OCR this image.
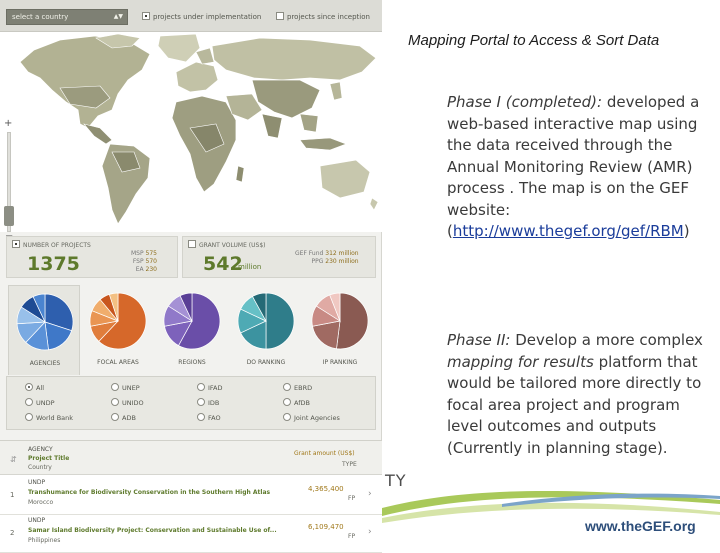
select a country	▲▼	projects under implementation	projects since inception
+
NUMBER OF PROJECTS
1375	MSP 575
FSP 570
EA 230
GRANT VOLUME (US$)
542
million
GEF Fund 312 million
PPG 230 million
AGENCIES	FOCAL AREAS	REGIONS	DO RANKING	IP RANKING
All
UNDP
World Bank
UNEP
UNIDO
ADB
IFAD
IDB
FAO
EBRD
AfDB
Joint Agencies
⇵
AGENCY
Project Title
Country
Grant amount (US$)
TYPE
1
UNDP
Transhumance for Biodiversity Conservation in the Southern High Atlas
Morocco
4,365,400
FP ›
2
UNDP
Samar Island Biodiversity Project: Conservation and Sustainable Use of...
Philippines
6,109,470
FP ›
Mapping Portal to Access & Sort Data
Phase I (completed): developed a web-based interactive map using the data received through the Annual Monitoring Review (AMR) process . The map is on the GEF website: (http://www.thegef.org/gef/RBM)
Phase II: Develop a more complex mapping for results platform that would be tailored more directly to focal area project and program level outcomes and outputs (Currently in planning stage).
TY
www.theGEF.org
